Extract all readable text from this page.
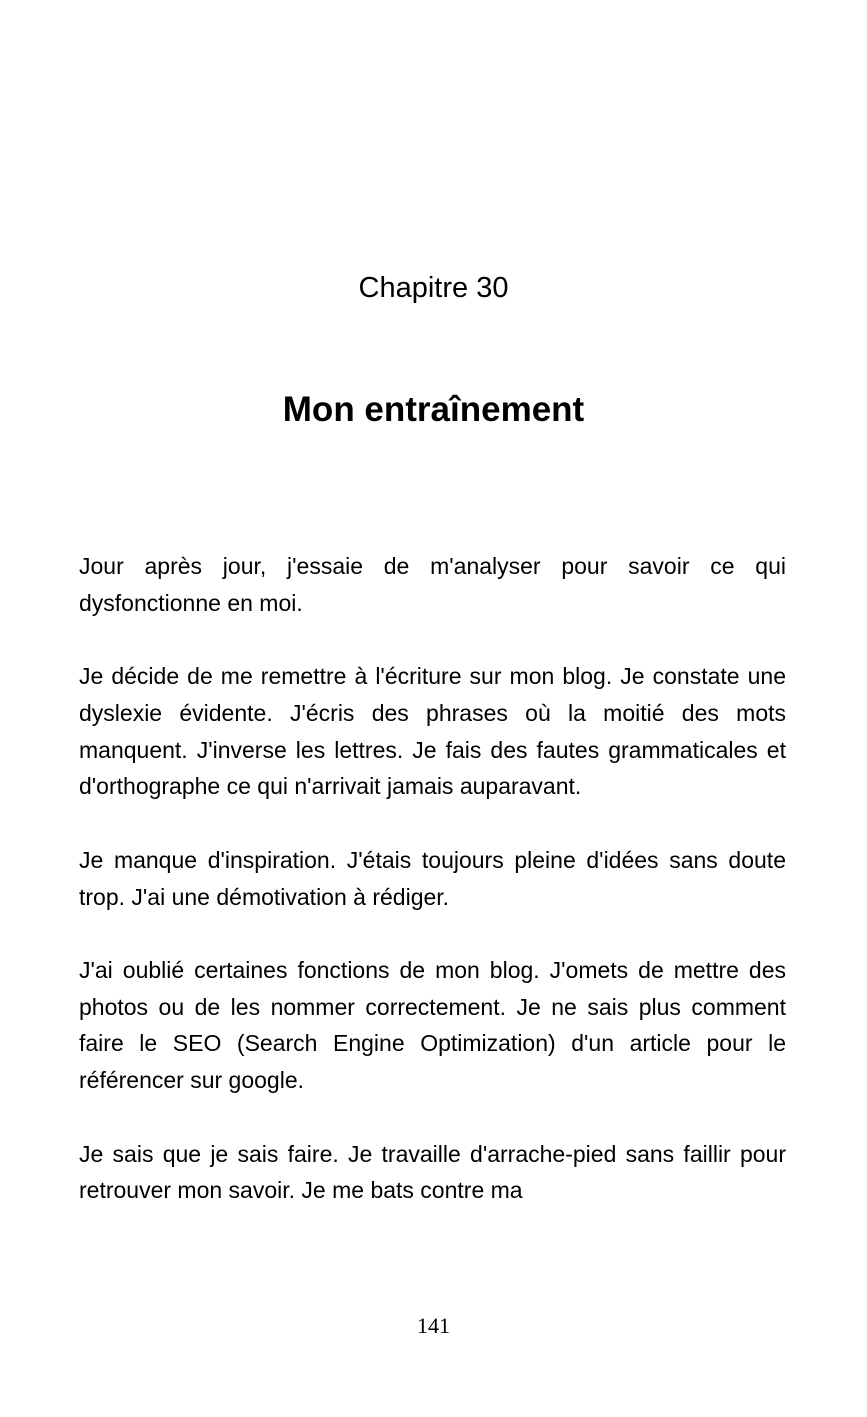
Chapitre 30
Mon entraînement

Jour après jour, j'essaie de m'analyser pour savoir ce qui dysfonctionne en moi.

Je décide de me remettre à l'écriture sur mon blog. Je constate une dyslexie évidente. J'écris des phrases où la moitié des mots manquent. J'inverse les lettres. Je fais des fautes grammaticales et d'orthographe ce qui n'arrivait jamais auparavant.

Je manque d'inspiration. J'étais toujours pleine d'idées sans doute trop. J'ai une démotivation à rédiger.

J'ai oublié certaines fonctions de mon blog. J'omets de mettre des photos ou de les nommer correctement. Je ne sais plus comment faire le SEO (Search Engine Optimization) d'un article pour le référencer sur google.

Je sais que je sais faire. Je travaille d'arrache-pied sans faillir pour retrouver mon savoir. Je me bats contre ma

141
